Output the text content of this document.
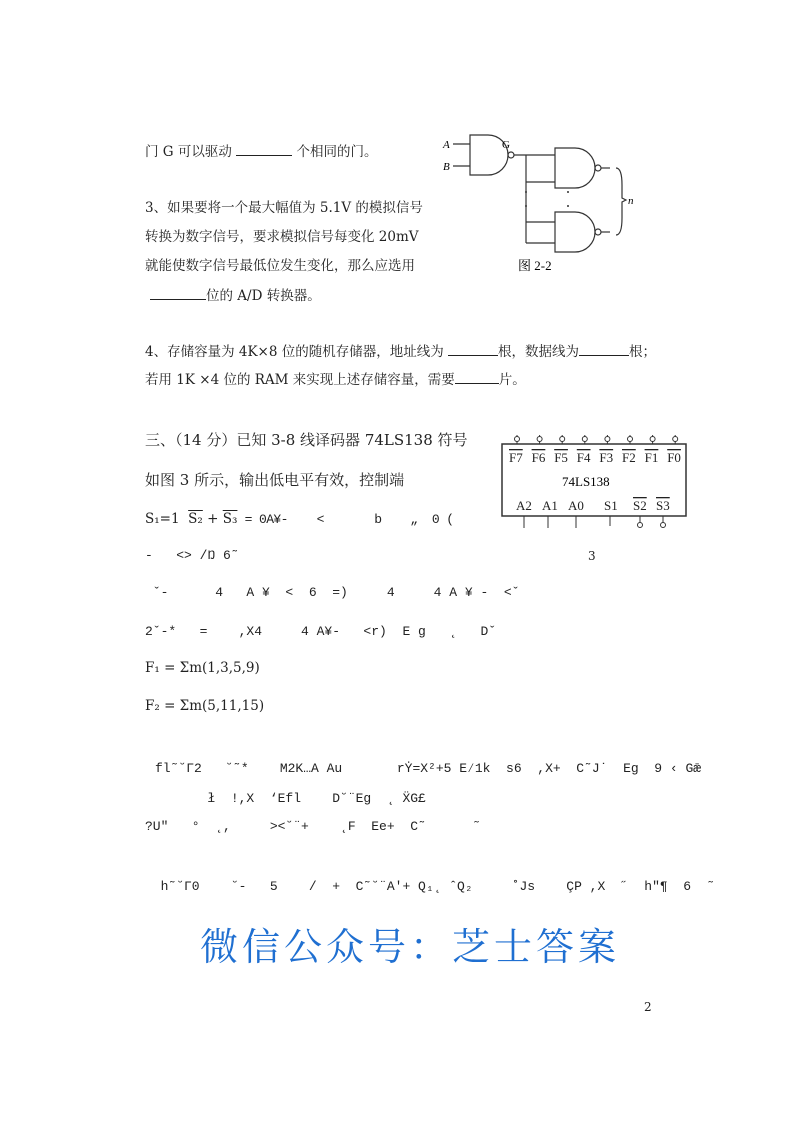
门 G 可以驱动	个相同的门。	A
B
G
n
图 2-2
3、如果要将一个最大幅值为 5.1V 的模拟信号
转换为数字信号，要求模拟信号每变化 20mV
就能使数字信号最低位发生变化，那么应选用
位的 A/D 转换器。
4、存储容量为 4K×8 位的随机存储器，地址线为	根，数据线为	根；
若用 1K ×4 位的 RAM 来实现上述存储容量，需要	片。
三、（14 分）已知 3-8 线译码器 74LS138 符号
如图 3 所示，输出低电平有效，控制端
F7 F6 F5 F4 F3 F2 F1 F0
74LS138
A2 A1 A0 S1 S2 S3
S₁=1  S₂ + S₃ = 0A¥-    <       b    „  0 (
-   <> /Ŋ 6˜	3
ˇ-      4   A ¥  <  6  =)     4     4 A ¥ -  <ˇ
2ˇ-*   =    ,X4     4 A¥-   <r)  E g   ˛   Dˇ
F₁ = Σm(1,3,5,9)
F₂ = Σm(5,11,15)
fl˜˘Γ2   ˘˜*    M2K…A Au       rẎ=X²+5 E⁄1k  s6  ,X+  C˜J˙  Eg  9 ‹ Gǣ
ł  !,X  ‘Efl    D˘¨Eg  ˛ ẌG£
?U"   °  ˛,     ><˘¨+    ˛F  Ee+  C˜      ˜
h˜˘Γ0    ˘-   5    /  +  C˜˘¨A'+ Q₁˛ ˆQ₂     ˚Js    ÇP ,X  ˝  h"¶  6  ˜
微信公众号：芝士答案
2
